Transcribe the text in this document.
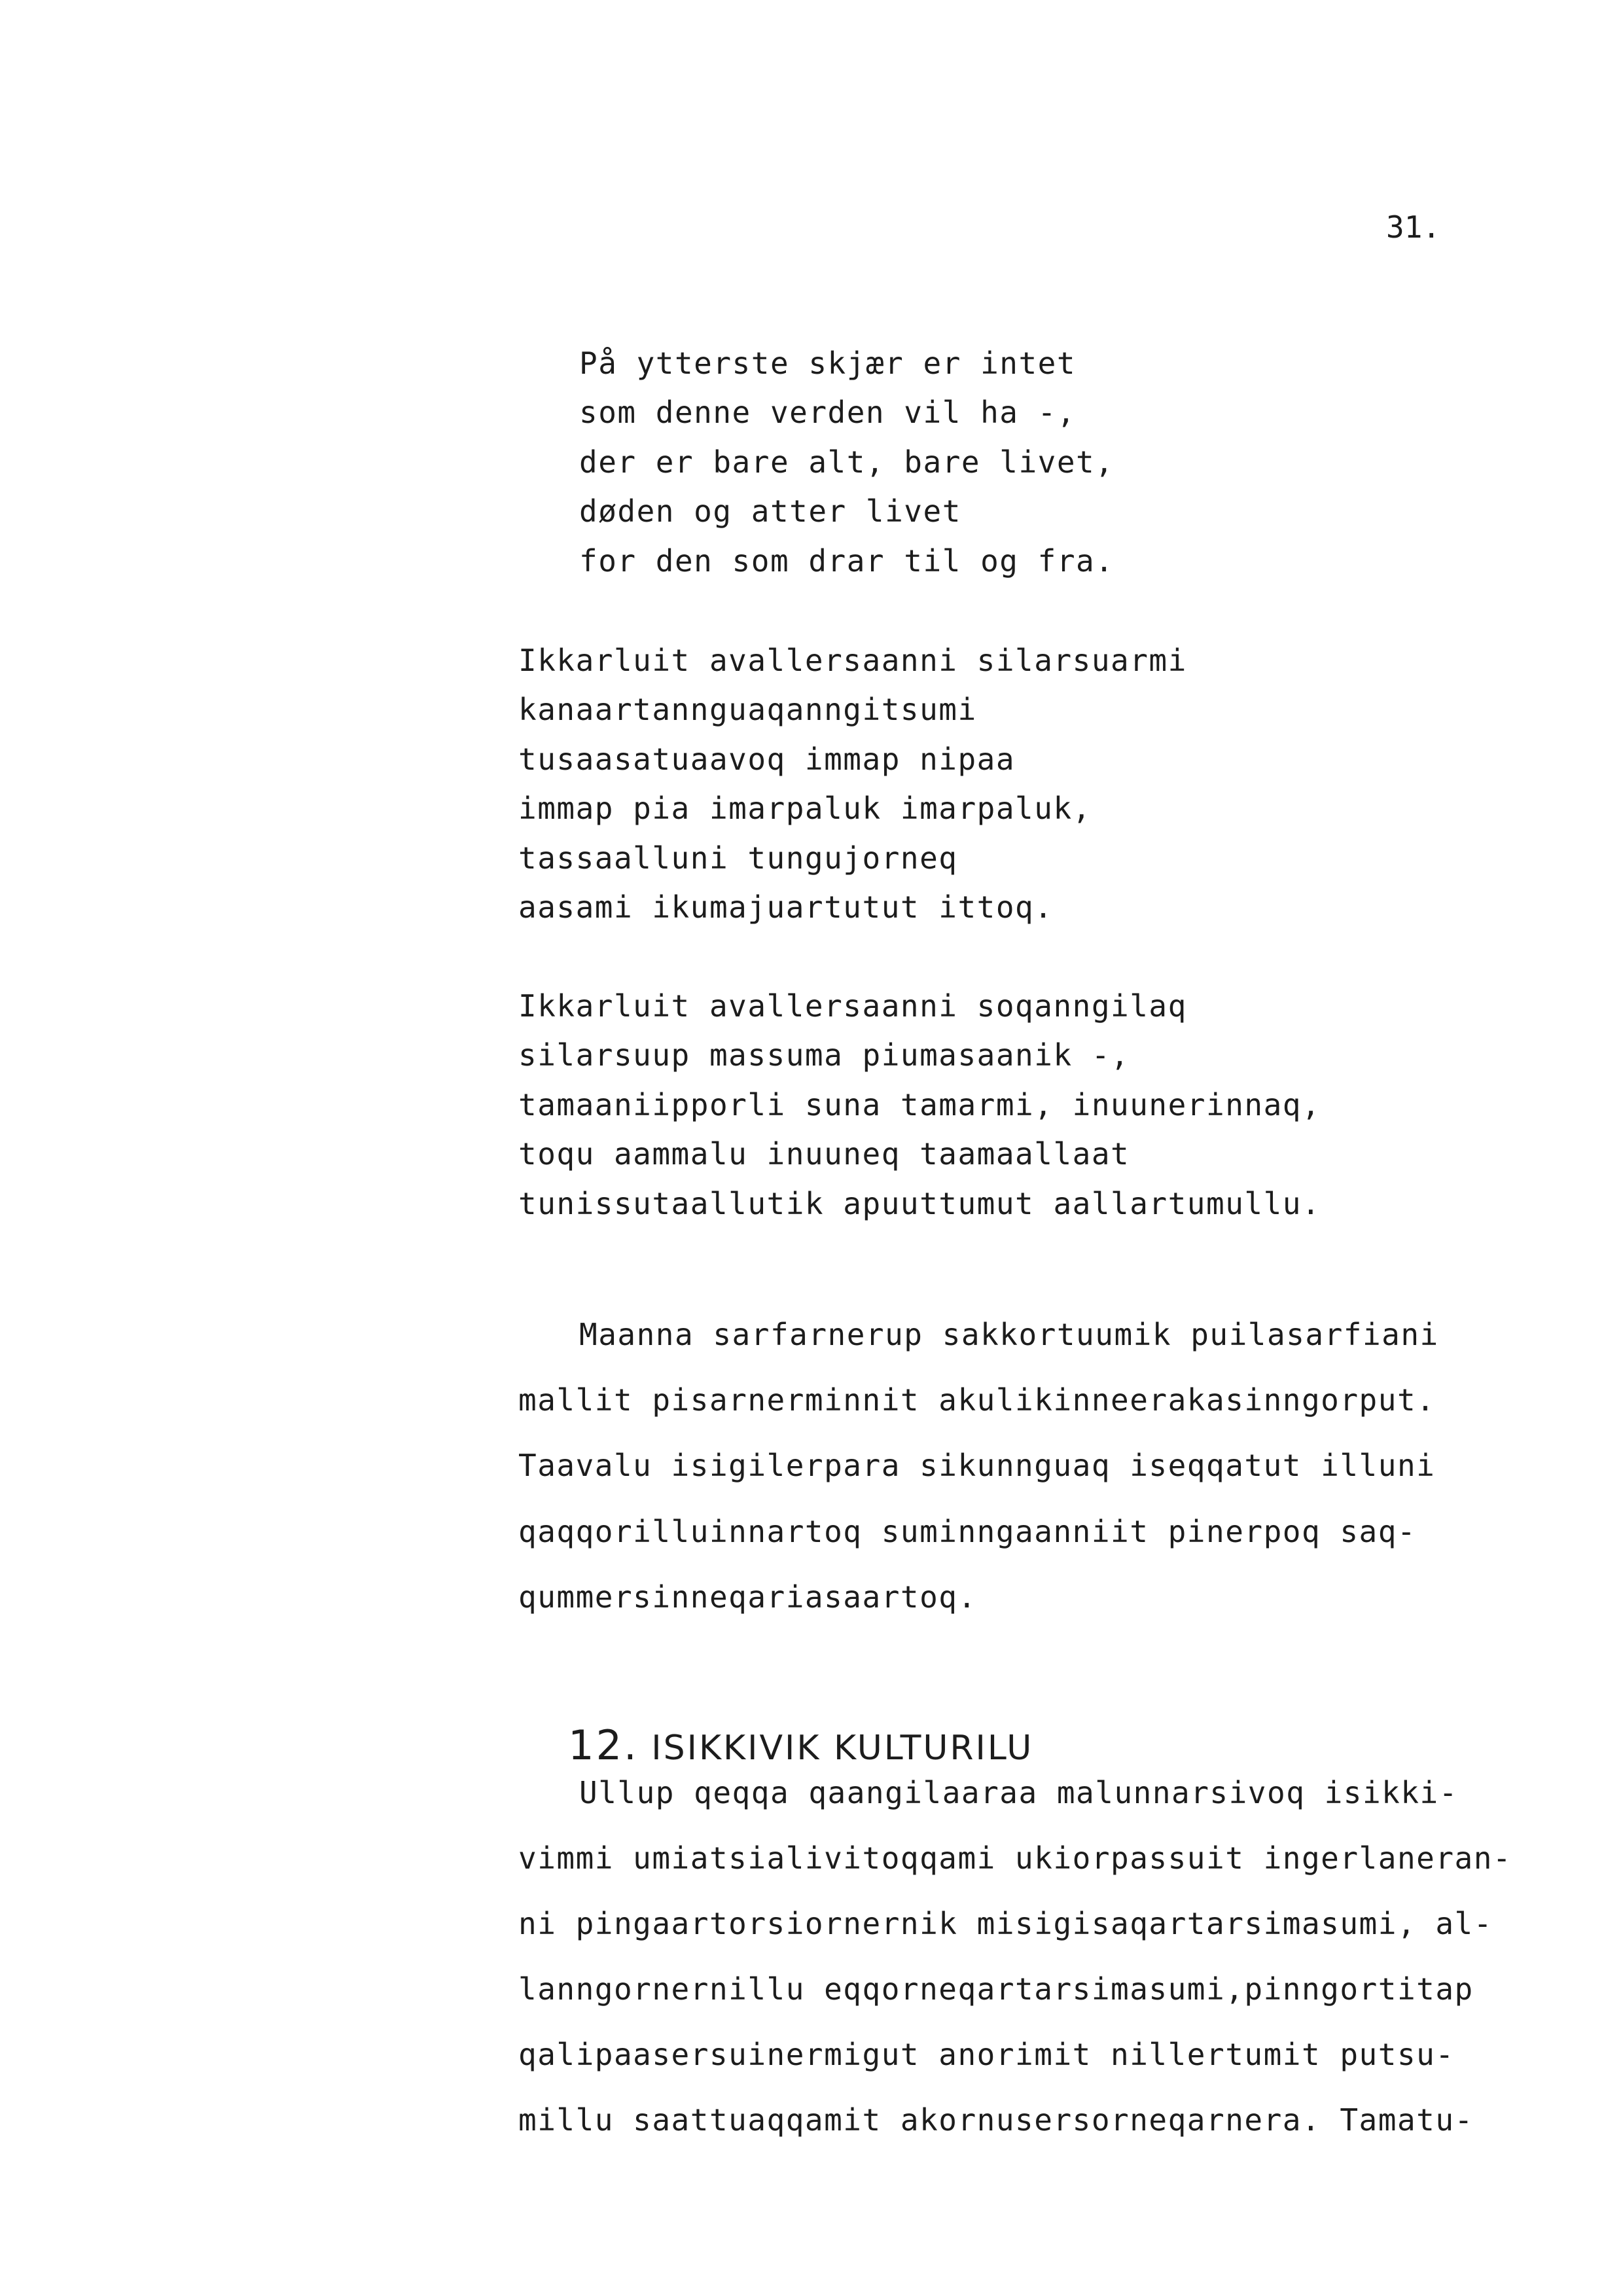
31.
På ytterste skjær er intet
som denne verden vil ha -,
der er bare alt, bare livet,
døden og atter livet
for den som drar til og fra.
Ikkarluit avallersaanni silarsuarmi
kanaartannguaqanngitsumi
tusaasatuaavoq immap nipaa
immap pia imarpaluk imarpaluk,
tassaalluni tungujorneq
aasami ikumajuartutut ittoq.
Ikkarluit avallersaanni soqanngilaq
silarsuup massuma piumasaanik -,
tamaaniipporli suna tamarmi, inuunerinnaq,
toqu aammalu inuuneq taamaallaat
tunissutaallutik apuuttumut aallartumullu.
Maanna sarfarnerup sakkortuumik puilasarfiani
mallit pisarnerminnit akulikinneerakasinngorput.
Taavalu isigilerpara sikunnguaq iseqqatut illuni
qaqqorilluinnartoq suminngaanniit pinerpoq saq-
qummersinneqariasaartoq.

12. ISIKKIVIK KULTURILU

Ullup qeqqa qaangilaaraa malunnarsivoq isikki-
vimmi umiatsialivitoqqami ukiorpassuit ingerlaneran-
ni pingaartorsiornernik misigisaqartarsimasumi, al-
lanngornernillu eqqorneqartarsimasumi,pinngortitap
qalipaasersuinermigut anorimit nillertumit putsu-
millu saattuaqqamit akornusersorneqarnera. Tamatu-
